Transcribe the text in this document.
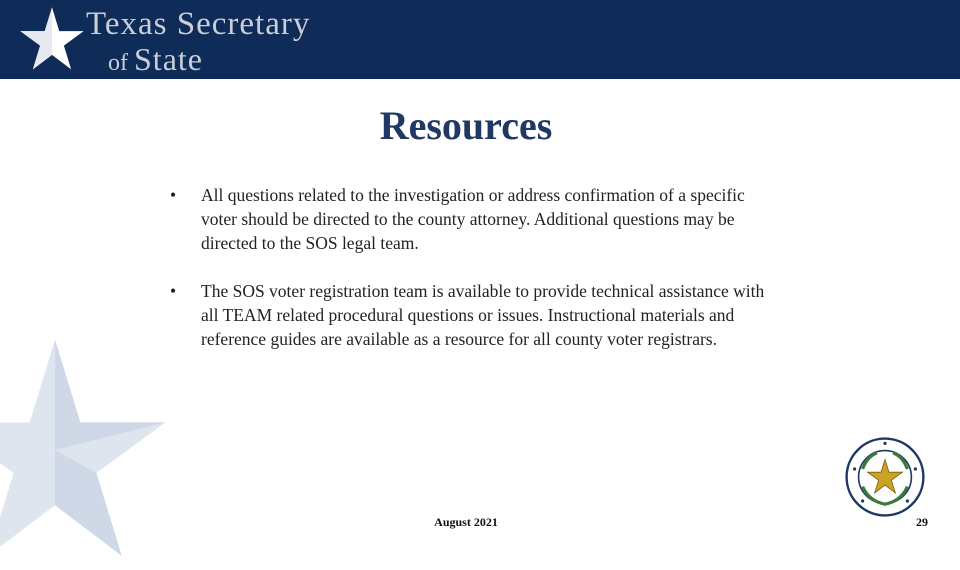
Texas Secretary
of State
Resources
• All questions related to the investigation or address confirmation of a specific voter should be directed to the county attorney. Additional questions may be directed to the SOS legal team.
• The SOS voter registration team is available to provide technical assistance with all TEAM related procedural questions or issues. Instructional materials and reference guides are available as a resource for all county voter registrars.
August 2021	29
